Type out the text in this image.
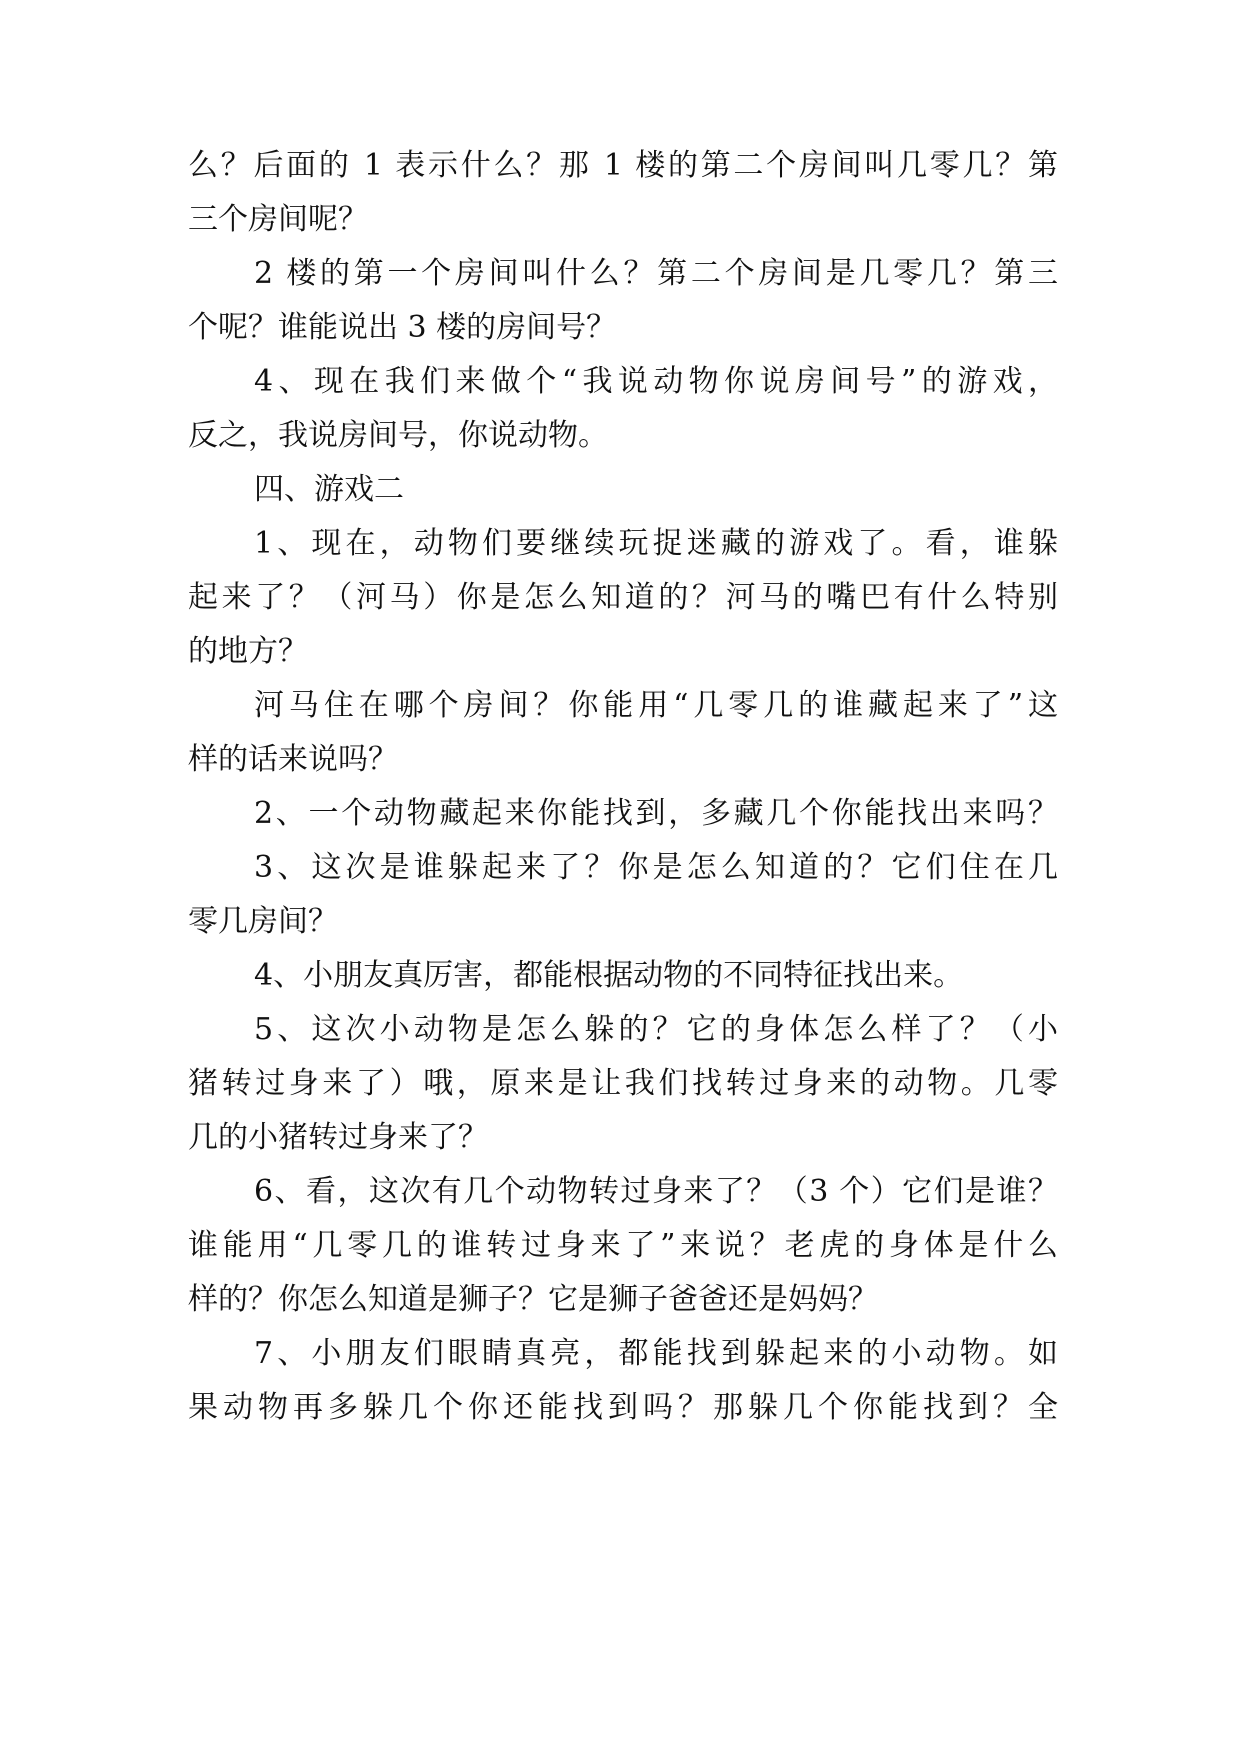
么？后面的 1 表示什么？那 1 楼的第二个房间叫几零几？第
三个房间呢？
2 楼的第一个房间叫什么？第二个房间是几零几？第三
个呢？谁能说出 3 楼的房间号？
4、现在我们来做个“我说动物你说房间号”的游戏，
反之，我说房间号，你说动物。
四、游戏二
1、现在，动物们要继续玩捉迷藏的游戏了。看，谁躲
起来了？（河马）你是怎么知道的？河马的嘴巴有什么特别
的地方？
河马住在哪个房间？你能用“几零几的谁藏起来了”这
样的话来说吗？
2、一个动物藏起来你能找到，多藏几个你能找出来吗？
3、这次是谁躲起来了？你是怎么知道的？它们住在几
零几房间？
4、小朋友真厉害，都能根据动物的不同特征找出来。
5、这次小动物是怎么躲的？它的身体怎么样了？（小
猪转过身来了）哦，原来是让我们找转过身来的动物。几零
几的小猪转过身来了？
6、看，这次有几个动物转过身来了？（3 个）它们是谁？
谁能用“几零几的谁转过身来了”来说？老虎的身体是什么
样的？你怎么知道是狮子？它是狮子爸爸还是妈妈？
7、小朋友们眼睛真亮，都能找到躲起来的小动物。如
果动物再多躲几个你还能找到吗？那躲几个你能找到？全
